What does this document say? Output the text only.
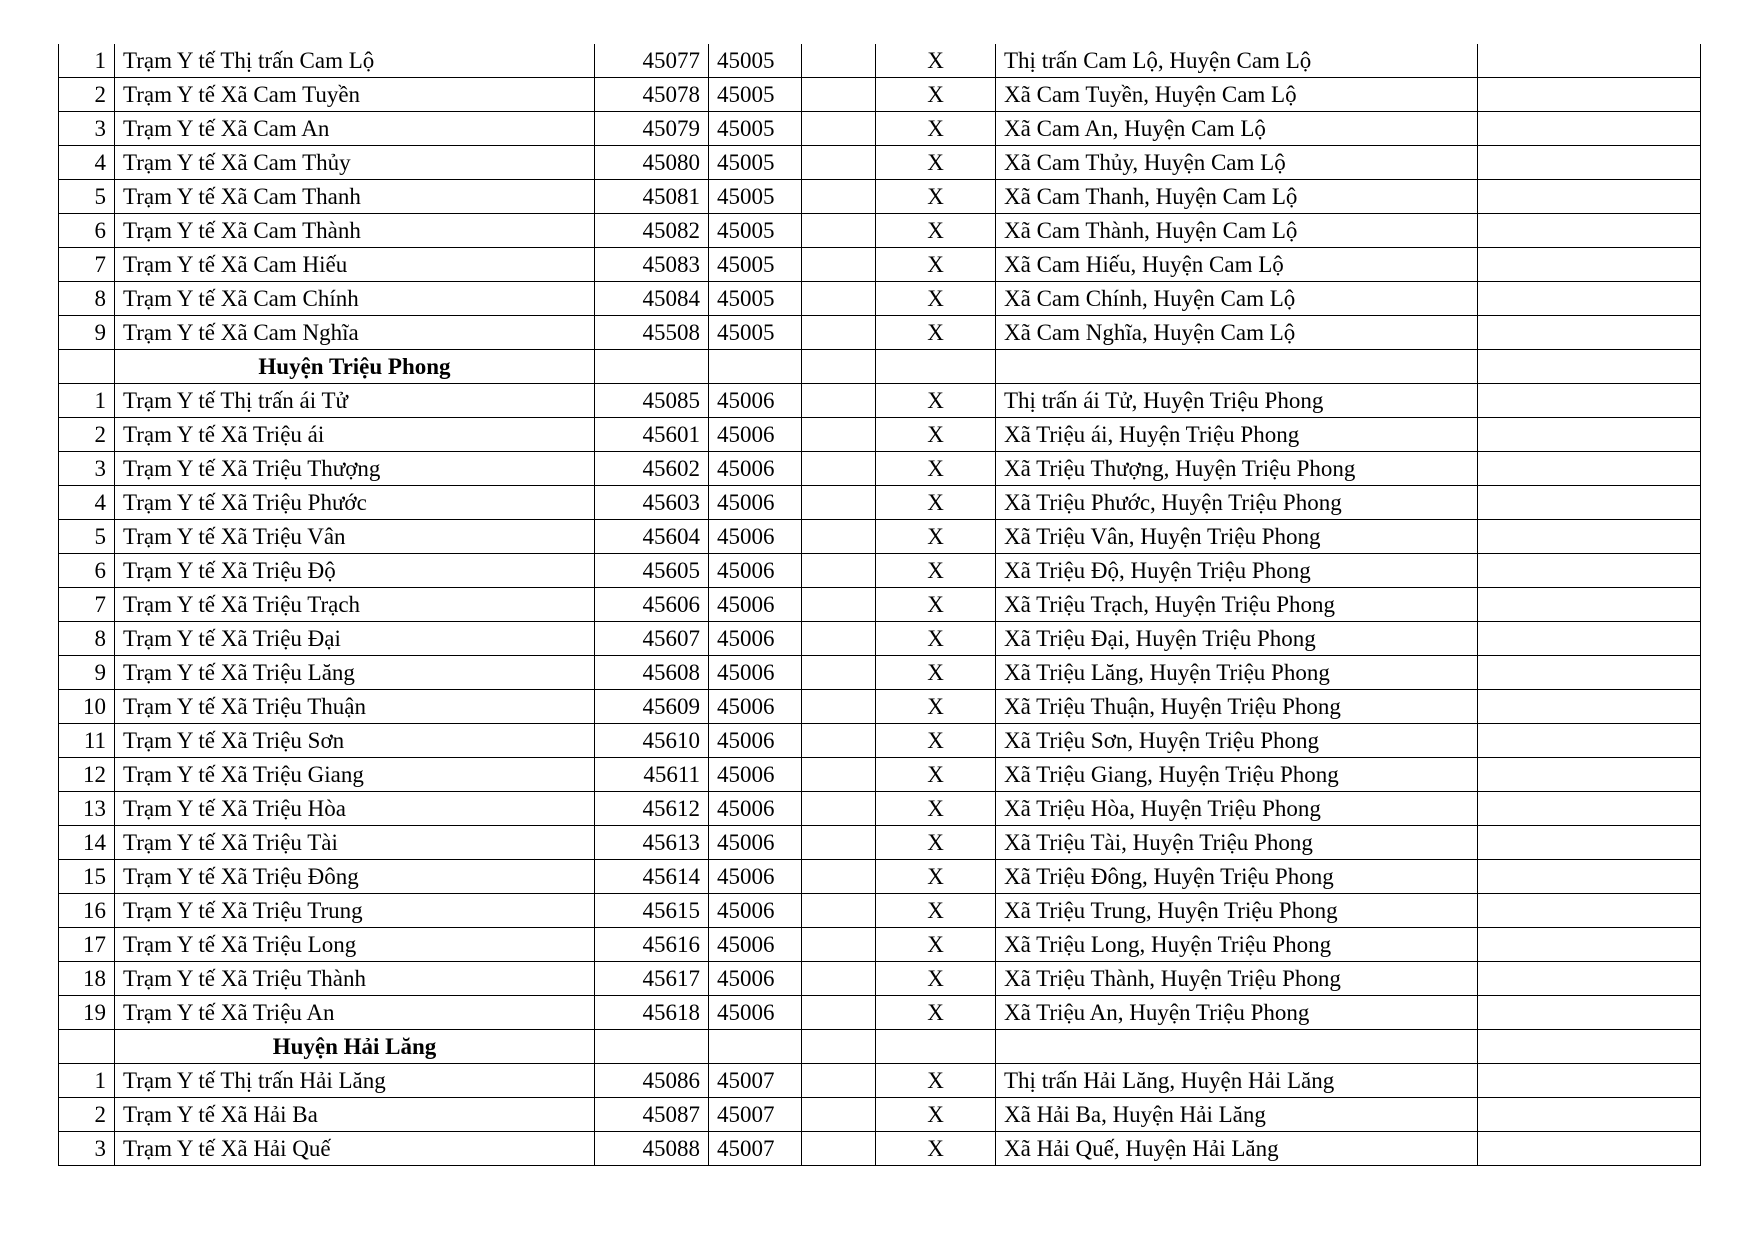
1	Trạm Y tế Thị trấn Cam Lộ	45077	45005		X	Thị trấn Cam Lộ, Huyện Cam Lộ	
2	Trạm Y tế Xã Cam Tuyền	45078	45005		X	Xã Cam Tuyền, Huyện Cam Lộ	
3	Trạm Y tế Xã Cam An	45079	45005		X	Xã Cam An, Huyện Cam Lộ	
4	Trạm Y tế Xã Cam Thủy	45080	45005		X	Xã Cam Thủy, Huyện Cam Lộ	
5	Trạm Y tế Xã Cam Thanh	45081	45005		X	Xã Cam Thanh, Huyện Cam Lộ	
6	Trạm Y tế Xã Cam Thành	45082	45005		X	Xã Cam Thành, Huyện Cam Lộ	
7	Trạm Y tế Xã Cam Hiếu	45083	45005		X	Xã Cam Hiếu, Huyện Cam Lộ	
8	Trạm Y tế Xã Cam Chính	45084	45005		X	Xã Cam Chính, Huyện Cam Lộ	
9	Trạm Y tế Xã Cam Nghĩa	45508	45005		X	Xã Cam Nghĩa, Huyện Cam Lộ	
	Huyện Triệu Phong						
1	Trạm Y tế Thị trấn ái Tử	45085	45006		X	Thị trấn ái Tử, Huyện Triệu Phong	
2	Trạm Y tế Xã Triệu ái	45601	45006		X	Xã Triệu ái, Huyện Triệu Phong	
3	Trạm Y tế Xã Triệu Thượng	45602	45006		X	Xã Triệu Thượng, Huyện Triệu Phong	
4	Trạm Y tế Xã Triệu Phước	45603	45006		X	Xã Triệu Phước, Huyện Triệu Phong	
5	Trạm Y tế Xã Triệu Vân	45604	45006		X	Xã Triệu Vân, Huyện Triệu Phong	
6	Trạm Y tế Xã Triệu Độ	45605	45006		X	Xã Triệu Độ, Huyện Triệu Phong	
7	Trạm Y tế Xã Triệu Trạch	45606	45006		X	Xã Triệu Trạch, Huyện Triệu Phong	
8	Trạm Y tế Xã Triệu Đại	45607	45006		X	Xã Triệu Đại, Huyện Triệu Phong	
9	Trạm Y tế Xã Triệu Lăng	45608	45006		X	Xã Triệu Lăng, Huyện Triệu Phong	
10	Trạm Y tế Xã Triệu Thuận	45609	45006		X	Xã Triệu Thuận, Huyện Triệu Phong	
11	Trạm Y tế Xã Triệu Sơn	45610	45006		X	Xã Triệu Sơn, Huyện Triệu Phong	
12	Trạm Y tế Xã Triệu Giang	45611	45006		X	Xã Triệu Giang, Huyện Triệu Phong	
13	Trạm Y tế Xã Triệu Hòa	45612	45006		X	Xã Triệu Hòa, Huyện Triệu Phong	
14	Trạm Y tế Xã Triệu Tài	45613	45006		X	Xã Triệu Tài, Huyện Triệu Phong	
15	Trạm Y tế Xã Triệu Đông	45614	45006		X	Xã Triệu Đông, Huyện Triệu Phong	
16	Trạm Y tế Xã Triệu Trung	45615	45006		X	Xã Triệu Trung, Huyện Triệu Phong	
17	Trạm Y tế Xã Triệu Long	45616	45006		X	Xã Triệu Long, Huyện Triệu Phong	
18	Trạm Y tế Xã Triệu Thành	45617	45006		X	Xã Triệu Thành, Huyện Triệu Phong	
19	Trạm Y tế Xã Triệu An	45618	45006		X	Xã Triệu An, Huyện Triệu Phong	
	Huyện Hải Lăng						
1	Trạm Y tế Thị trấn Hải Lăng	45086	45007		X	Thị trấn Hải Lăng, Huyện Hải Lăng	
2	Trạm Y tế Xã Hải Ba	45087	45007		X	Xã Hải Ba, Huyện Hải Lăng	
3	Trạm Y tế Xã Hải Quế	45088	45007		X	Xã Hải Quế, Huyện Hải Lăng	
